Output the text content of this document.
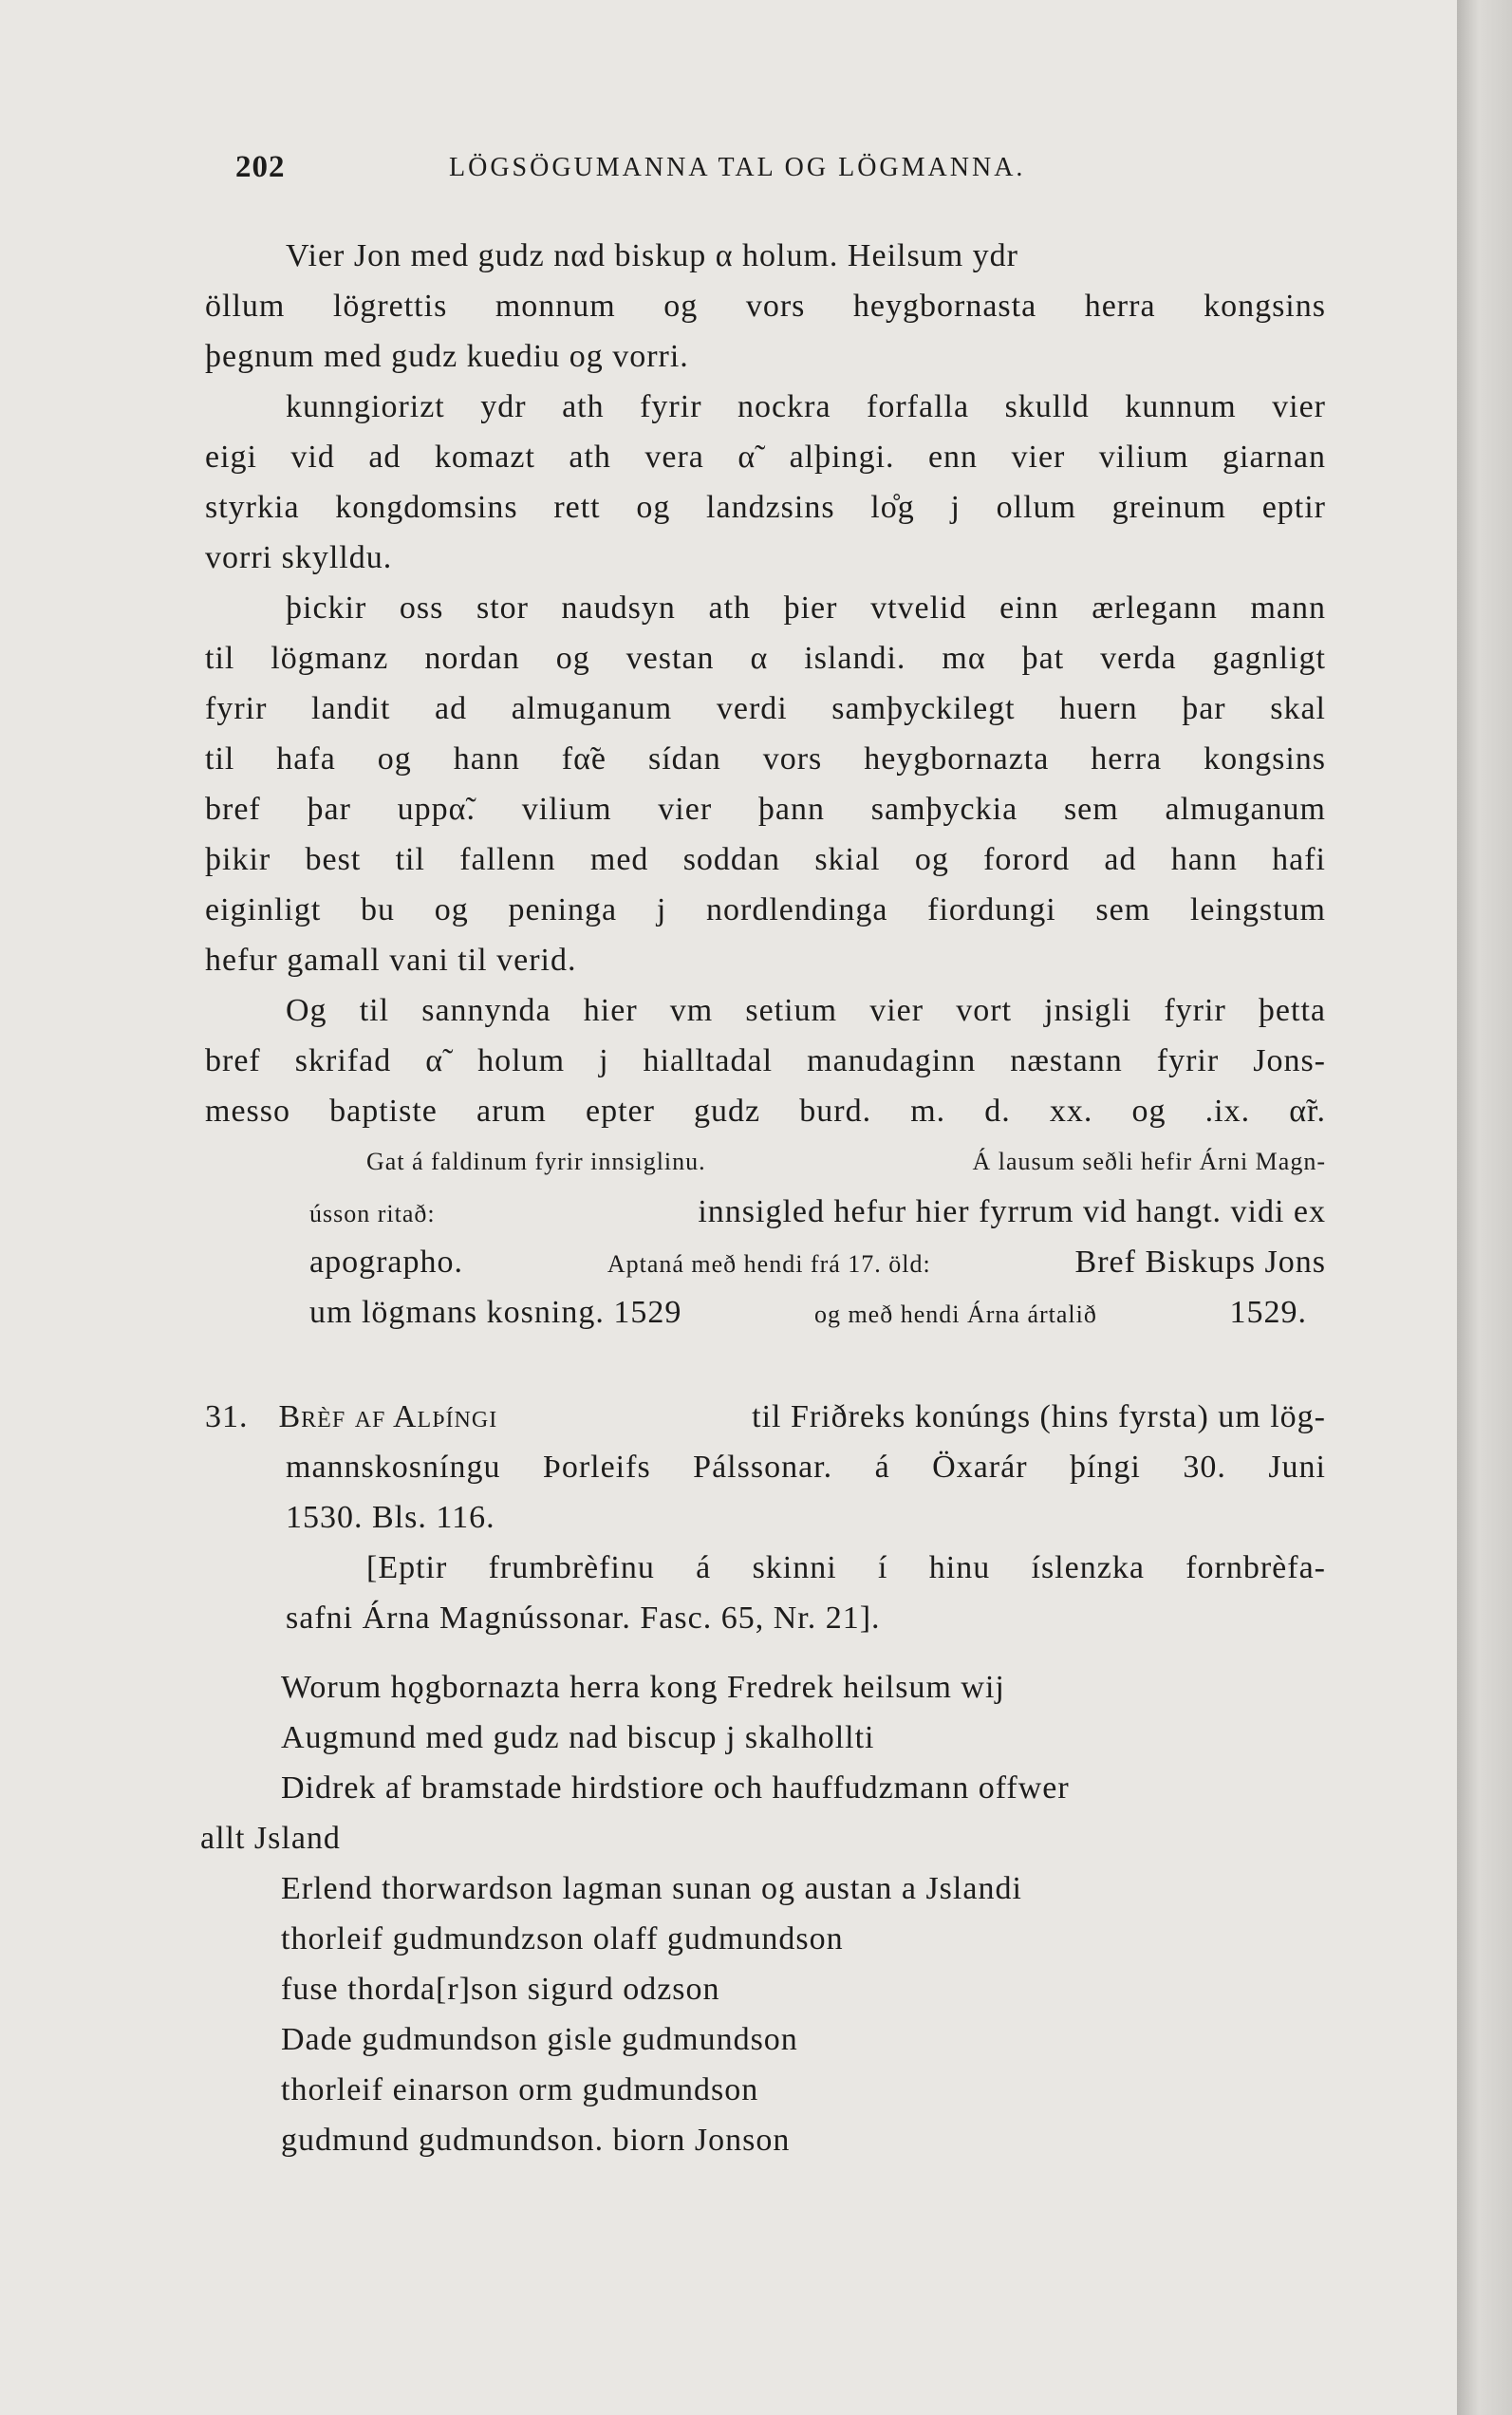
202	LÖGSÖGUMANNA TAL OG LÖGMANNA.
Vier Jon med gudz nαd biskup α holum. Heilsum ydr
öllum lögrettis monnum og vors heygbornasta herra kongsins
þegnum med gudz kuediu og vorri.
kunngiorizt ydr ath fyrir nockra forfalla skulld kunnum vier
eigi vid ad komazt ath vera α̃ alþingi. enn vier vilium giarnan
styrkia kongdomsins rett og landzsins lo̊g j ollum greinum eptir
vorri skylldu.
þickir oss stor naudsyn ath þier vtvelid einn ærlegann mann
til lögmanz nordan og vestan α islandi. mα þat verda gagnligt
fyrir landit ad almuganum verdi samþyckilegt huern þar skal
til hafa og hann fα̃e sídan vors heygbornazta herra kongsins
bref þar uppα̃. vilium vier þann samþyckia sem almuganum
þikir best til fallenn med soddan skial og forord ad hann hafi
eiginligt bu og peninga j nordlendinga fiordungi sem leingstum
hefur gamall vani til verid.
Og til sannynda hier vm setium vier vort jnsigli fyrir þetta
bref skrifad α̃ holum j hialltadal manudaginn næstann fyrir Jons-
messo baptiste arum epter gudz burd. m. d. xx. og .ix. α̃r.
Gat á faldinum fyrir innsiglinu.	Á lausum seðli hefir Árni Magn-
ússon ritað:	innsigled hefur hier fyrrum vid hangt. vidi ex
apographo.	Aptaná með hendi frá 17. öld:	Bref Biskups Jons
um lögmans kosning. 1529	og með hendi Árna ártalið	1529.
31. Brèf af Alþíngi	til Friðreks konúngs (hins fyrsta) um lög-
mannskosníngu Þorleifs Pálssonar. á Öxarár þíngi 30. Juni
1530. Bls. 116.
[Eptir frumbrèfinu á skinni í hinu íslenzka fornbrèfa-
safni Árna Magnússonar. Fasc. 65, Nr. 21].
Worum hǫgbornazta herra kong Fredrek heilsum wij
Augmund med gudz nad biscup j skalhollti
Didrek af bramstade hirdstiore och hauffudzmann offwer
allt Jsland
Erlend thorwardson lagman sunan og austan a Jslandi
thorleif gudmundzson olaff gudmundson
fuse thorda[r]son sigurd odzson
Dade gudmundson gisle gudmundson
thorleif einarson orm gudmundson
gudmund gudmundson. biorn Jonson
